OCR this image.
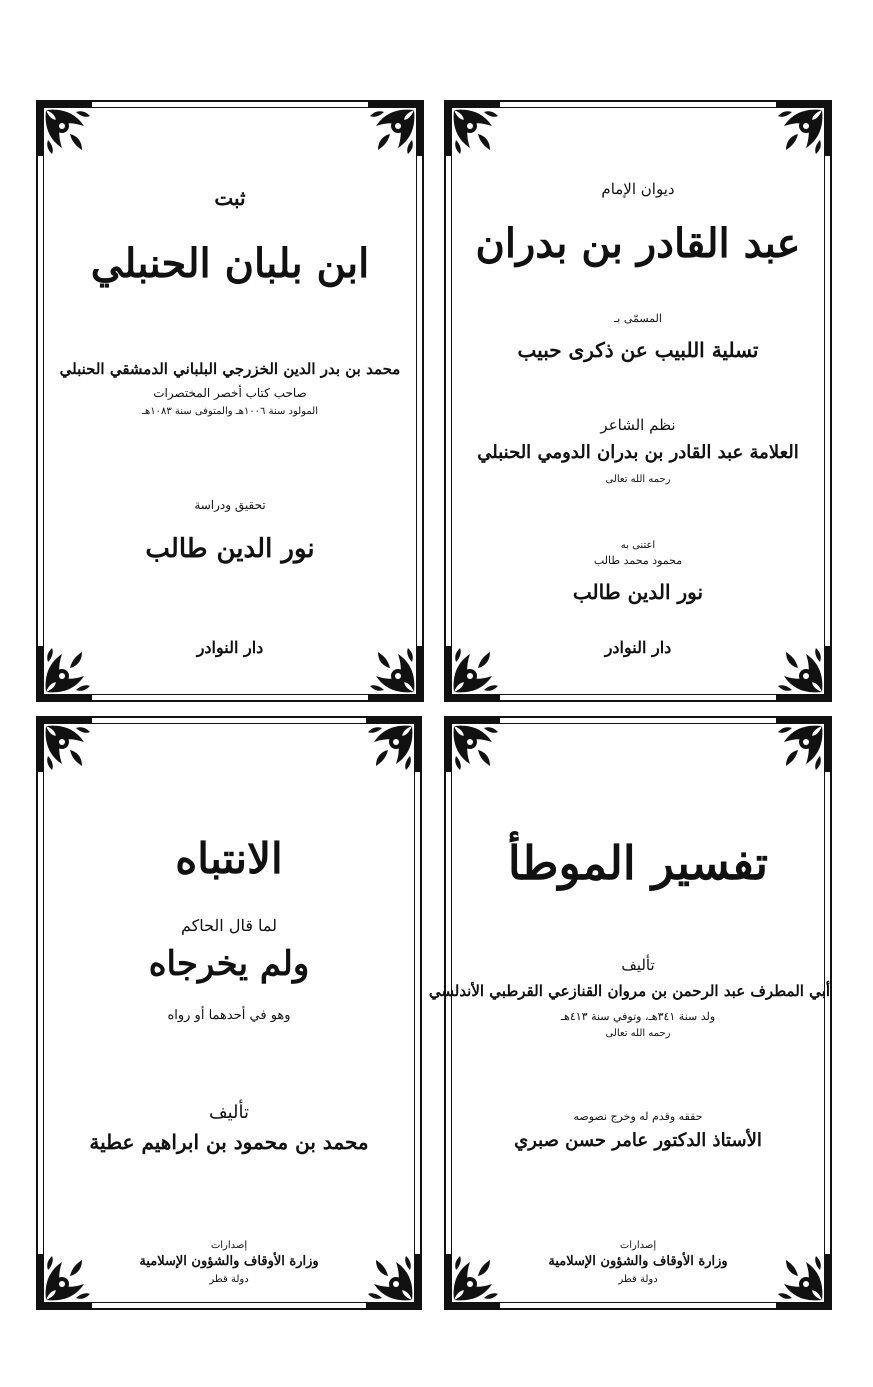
ديوان الإمام
عبد القادر بن بدران
المسمّى بـ
تسلية اللبيب عن ذكرى حبيب
نظم الشاعر
العلامة عبد القادر بن بدران الدومي الحنبلي
رحمه الله تعالى
اعتنى به
محمود محمد طالب
نور الدين طالب
دار النوادر
ثبت
ابن بلبان الحنبلي
محمد بن بدر الدين الخزرجي البلباني الدمشقي الحنبلي
صاحب كتاب أخصر المختصرات
المولود سنة ١٠٠٦هـ والمتوفى سنة ١٠٨٣هـ
تحقيق ودراسة
نور الدين طالب
دار النوادر
تفسير الموطأ
تأليف
أبي المطرف عبد الرحمن بن مروان القنازعي القرطبي الأندلسي
ولد سنة ٣٤١هـ، وتوفي سنة ٤١٣هـ
رحمه الله تعالى
حققه وقدم له وخرج نصوصه
الأستاذ الدكتور عامر حسن صبري
إصدارات
وزارة الأوقاف والشؤون الإسلامية
دولة قطر
الانتباه
لما قال الحاكم
ولم يخرجاه
وهو في أحدهما أو رواه
تأليف
محمد بن محمود بن ابراهيم عطية
إصدارات
وزارة الأوقاف والشؤون الإسلامية
دولة قطر
